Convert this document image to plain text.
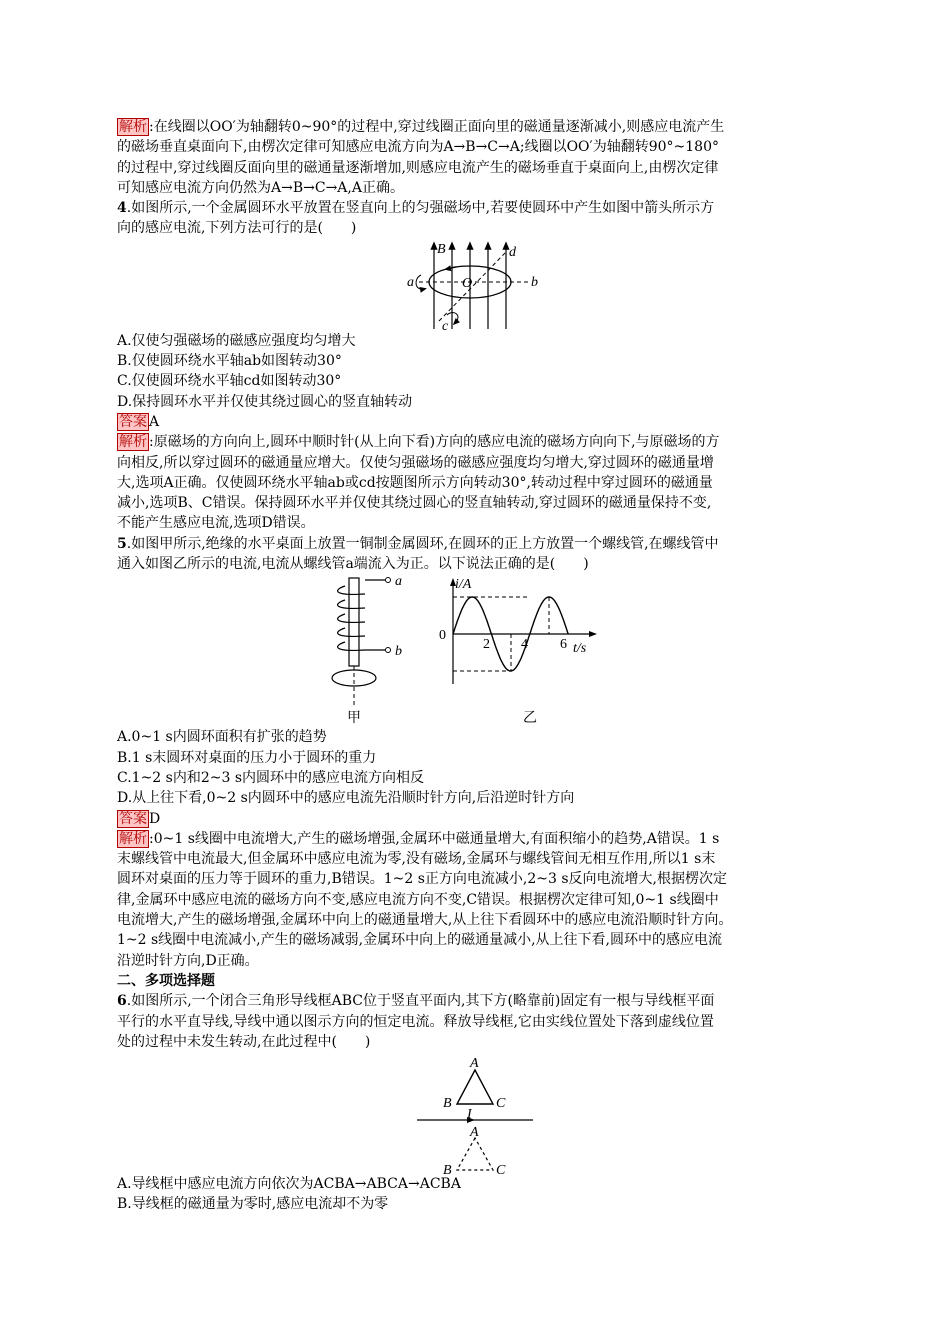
解析 :在线圈以OO′为轴翻转0~90°的过程中,穿过线圈正面向里的磁通量逐渐减小,则感应电流产生
的磁场垂直桌面向下,由楞次定律可知感应电流方向为A→B→C→A;线圈以OO′为轴翻转90°~180°
的过程中,穿过线圈反面向里的磁通量逐渐增加,则感应电流产生的磁场垂直于桌面向上,由楞次定律
可知感应电流方向仍然为A→B→C→A,A正确。
4.如图所示,一个金属圆环水平放置在竖直向上的匀强磁场中,若要使圆环中产生如图中箭头所示方
向的感应电流,下列方法可行的是(　　)
B
O
a	b
c
d
A.仅使匀强磁场的磁感应强度均匀增大
B.仅使圆环绕水平轴ab如图转动30°
C.仅使圆环绕水平轴cd如图转动30°
D.保持圆环水平并仅使其绕过圆心的竖直轴转动
答案 A
解析 :原磁场的方向向上,圆环中顺时针(从上向下看)方向的感应电流的磁场方向向下,与原磁场的方
向相反,所以穿过圆环的磁通量应增大。仅使匀强磁场的磁感应强度均匀增大,穿过圆环的磁通量增
大,选项A正确。仅使圆环绕水平轴ab或cd按题图所示方向转动30°,转动过程中穿过圆环的磁通量
减小,选项B、C错误。保持圆环水平并仅使其绕过圆心的竖直轴转动,穿过圆环的磁通量保持不变,
不能产生感应电流,选项D错误。
5.如图甲所示,绝缘的水平桌面上放置一铜制金属圆环,在圆环的正上方放置一个螺线管,在螺线管中
通入如图乙所示的电流,电流从螺线管a端流入为正。以下说法正确的是(　　)
a
b
甲
i/A
t/s
0
2 4 6
乙
A.0~1 s内圆环面积有扩张的趋势
B.1 s末圆环对桌面的压力小于圆环的重力
C.1~2 s内和2~3 s内圆环中的感应电流方向相反
D.从上往下看,0~2 s内圆环中的感应电流先沿顺时针方向,后沿逆时针方向
答案 D
解析 :0~1 s线圈中电流增大,产生的磁场增强,金属环中磁通量增大,有面积缩小的趋势,A错误。1 s
末螺线管中电流最大,但金属环中感应电流为零,没有磁场,金属环与螺线管间无相互作用,所以1 s末
圆环对桌面的压力等于圆环的重力,B错误。1~2 s正方向电流减小,2~3 s反向电流增大,根据楞次定
律,金属环中感应电流的磁场方向不变,感应电流方向不变,C错误。根据楞次定律可知,0~1 s线圈中
电流增大,产生的磁场增强,金属环中向上的磁通量增大,从上往下看圆环中的感应电流沿顺时针方向。
1~2 s线圈中电流减小,产生的磁场减弱,金属环中向上的磁通量减小,从上往下看,圆环中的感应电流
沿逆时针方向,D正确。
二、多项选择题
6.如图所示,一个闭合三角形导线框ABC位于竖直平面内,其下方(略靠前)固定有一根与导线框平面
平行的水平直导线,导线中通以图示方向的恒定电流。释放导线框,它由实线位置处下落到虚线位置
处的过程中未发生转动,在此过程中(　　)
A
B	C
I
A
B	C
A.导线框中感应电流方向依次为ACBA→ABCA→ACBA
B.导线框的磁通量为零时,感应电流却不为零
